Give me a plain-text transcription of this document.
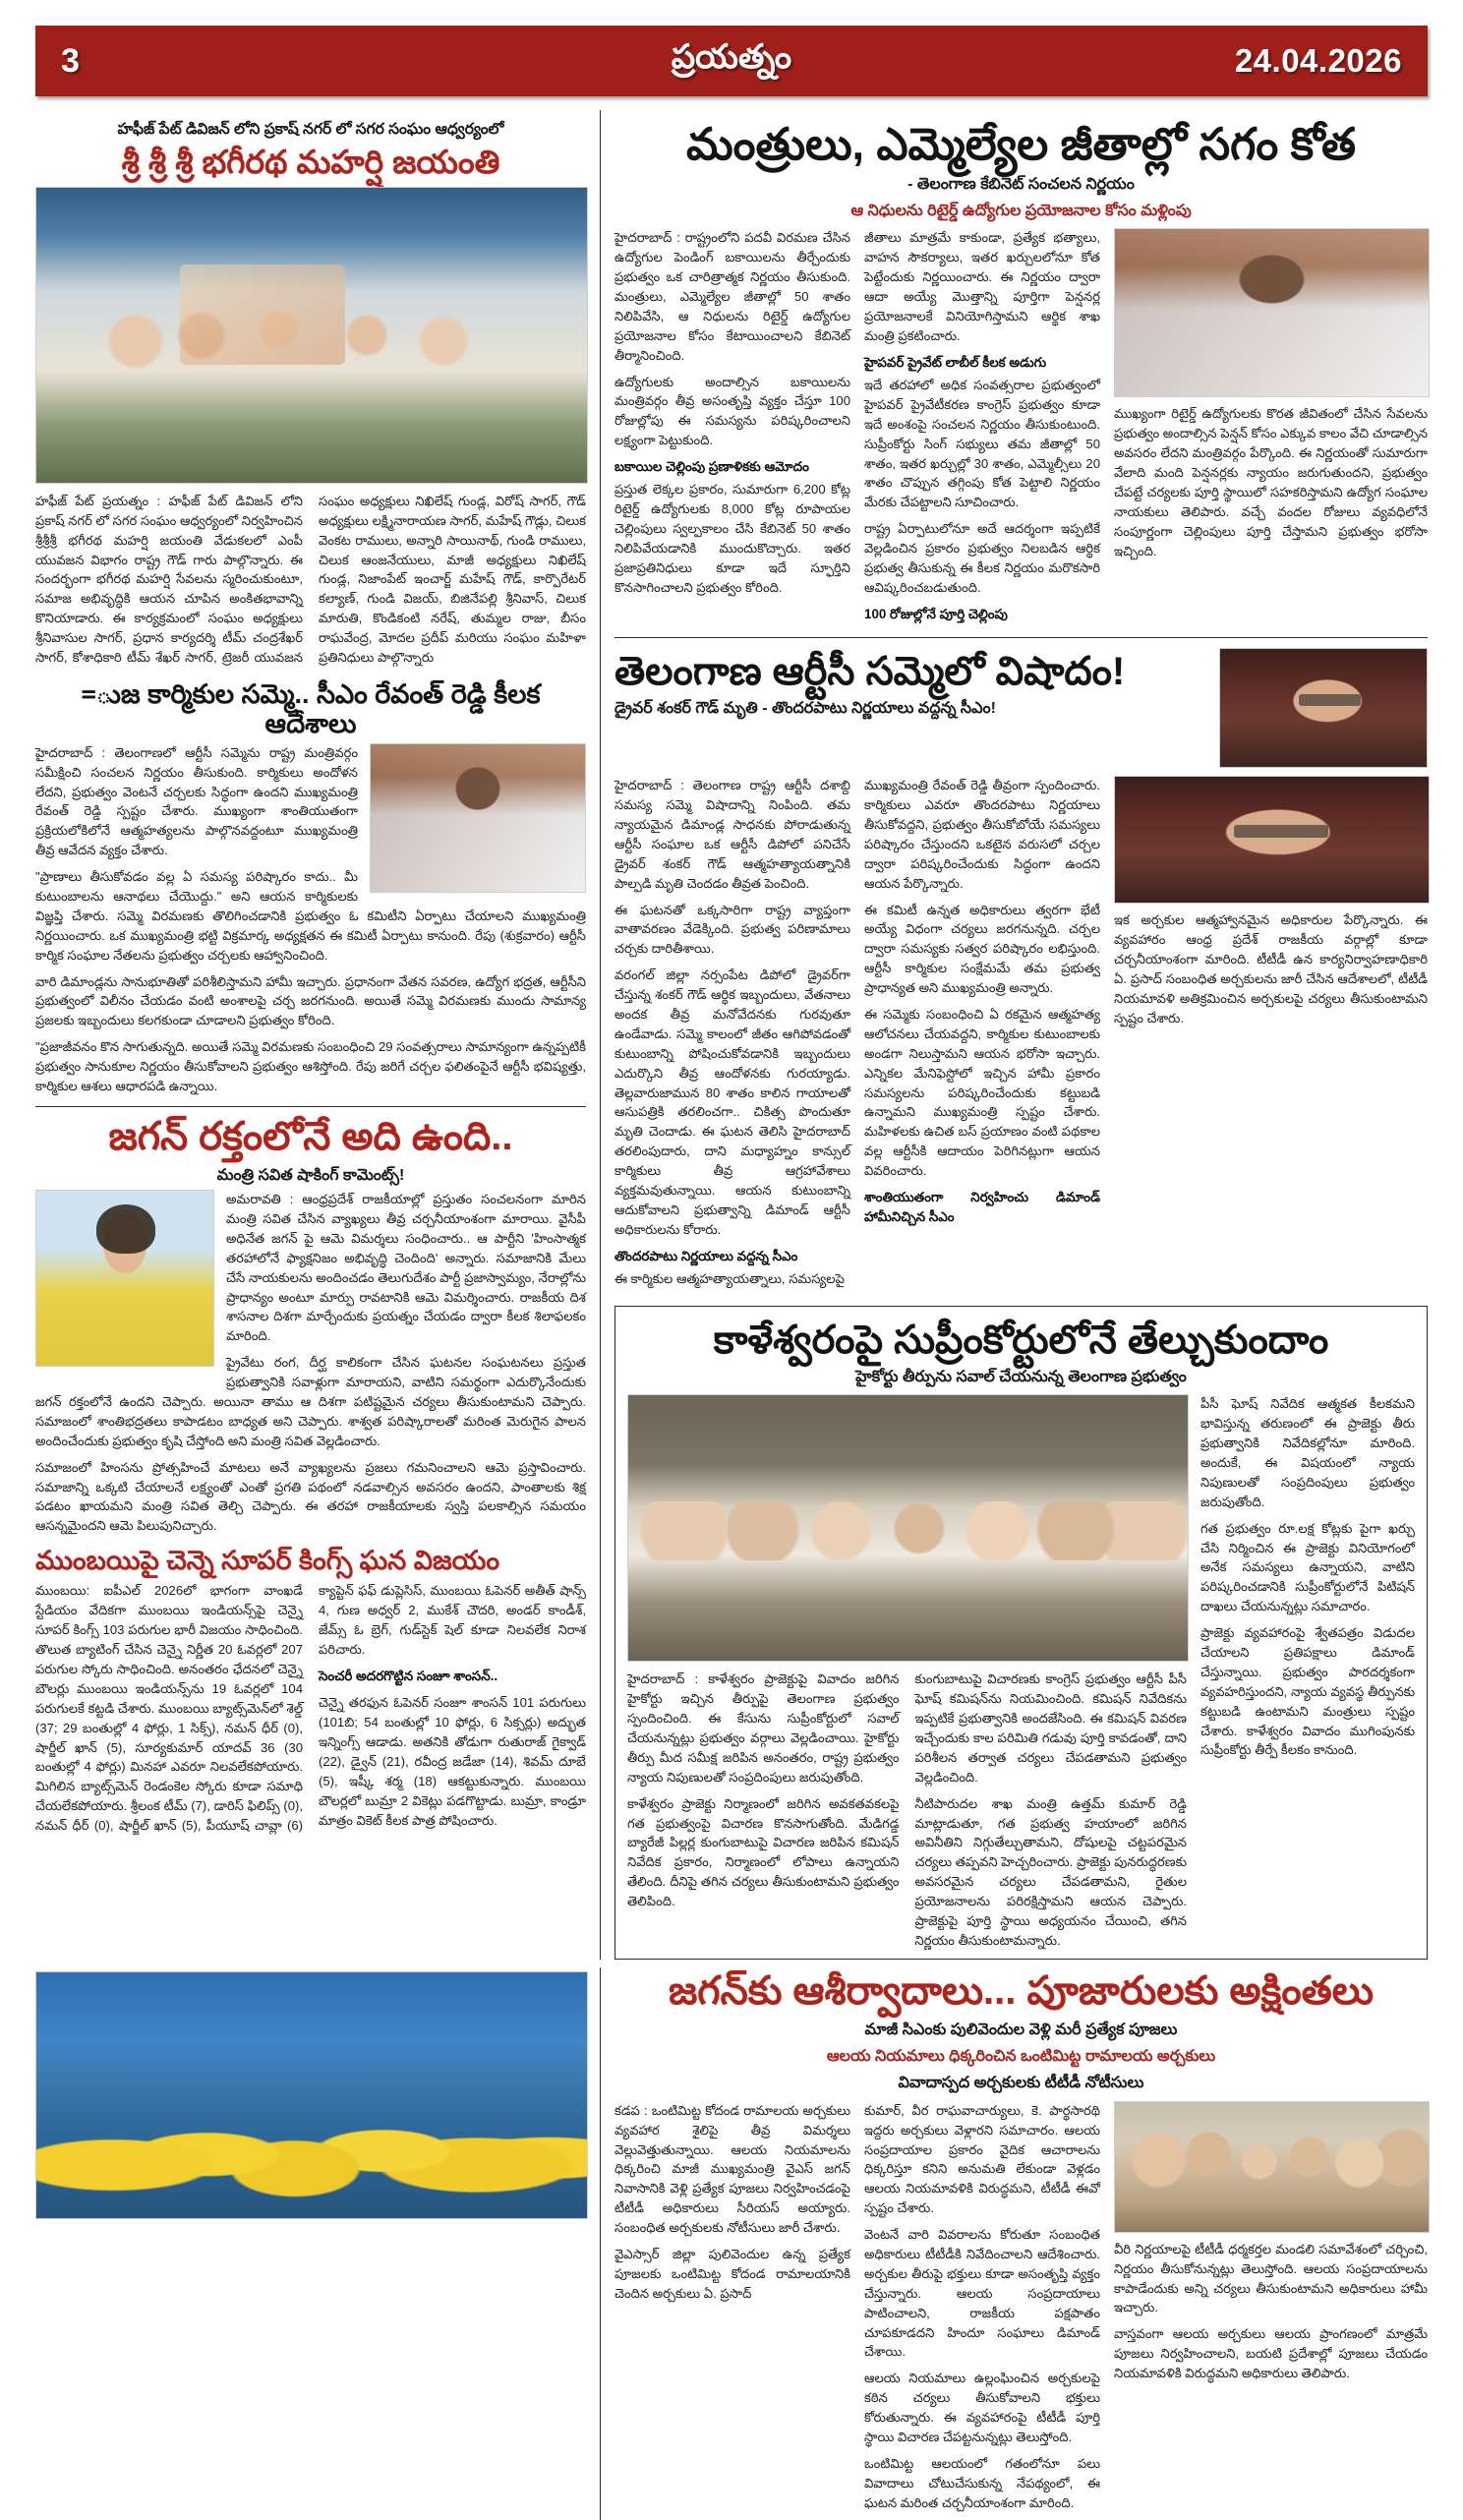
3	ప్రయత్నం	24.04.2026
హఫీజ్ పేట్ డివిజన్ లోని ప్రకాష్ నగర్ లో సగర సంఘం ఆధ్వర్యంలో
శ్రీ శ్రీ శ్రీ భగీరథ మహర్షి జయంతి

హఫీజ్ పేట్ ప్రయత్నం : హఫీజ్ పేట్ డివిజన్ లోని ప్రకాష్ నగర్ లో సగర సంఘం ఆధ్వర్యంలో నిర్వహించిన శ్రీశ్రీశ్రీ భగీరథ మహర్షి జయంతి వేడుకలలో ఎంపీ యువజన విభాగం రాష్ట్ర గౌడ్ గారు పాల్గొన్నారు. ఈ సందర్భంగా భగీరథ మహర్షి సేవలను స్మరించుకుంటూ, సమాజ అభివృద్ధికి ఆయన చూపిన అంకితభావాన్ని కొనియాడారు. ఈ కార్యక్రమంలో సంఘం అధ్యక్షులు శ్రీనివాసుల సాగర్, ప్రధాన కార్యదర్శి టీమ్ చంద్రశేఖర్ సాగర్, కోశాధికారి టీమ్ శేఖర్ సాగర్, ట్రెజరీ యువజన సంఘం అధ్యక్షులు నిఖిలేష్ గుండ్ల, విరోష్ సాగర్, గౌడ్ అధ్యక్షులు లక్ష్మినారాయణ సాగర్, మహేష్ గౌడ్లు, చిలుక వెంకట రాములు, అన్నారి సాయినాథ్, గుండి రాములు, చిలుక ఆంజనేయులు, మాజీ అధ్యక్షులు నిఖిలేష్ గుండ్ల, నిజాంపేట్ ఇంచార్జ్ మహేష్ గౌడ్, కార్పొరేటర్ కల్యాణ్, గుండి విజయ్, బిజినేపల్లి శ్రీనివాస్, చిలుక మారుతి, కొండికంటి నరేష్, తుమ్మల రాజు, బీసం రాఘవేంద్ర, మోదల ప్రదీప్ మరియు సంఘం మహిళా ప్రతినిధులు పాల్గొన్నారు

=ుజ కార్మికుల సమ్మె.. సీఎం రేవంత్ రెడ్డి కీలక ఆదేశాలు

హైదరాబాద్ : తెలంగాణలో ఆర్టీసీ సమ్మెను రాష్ట్ర మంత్రివర్గం సమీక్షించి సంచలన నిర్ణయం తీసుకుంది. కార్మికులు అందోళన లేదని, ప్రభుత్వం వెంటనే చర్చలకు సిద్ధంగా ఉందని ముఖ్యమంత్రి రేవంత్ రెడ్డి స్పష్టం చేశారు. ముఖ్యంగా శాంతియుతంగా ప్రక్రియలోకిలోనే ఆత్మహత్యలను పాల్గొనవద్దంటూ ముఖ్యమంత్రి తీవ్ర ఆవేదన వ్యక్తం చేశారు.

"ప్రాణాలు తీసుకోవడం వల్ల ఏ సమస్య పరిష్కారం కాదు.. మీ కుటుంబాలను ఆనాథలు చేయొద్దు." అని ఆయన కార్మికులకు విజ్ఞప్తి చేశారు. సమ్మె విరమణకు తొలిగించడానికి ప్రభుత్వం ఓ కమిటీని ఏర్పాటు చేయాలని ముఖ్యమంత్రి నిర్ణయించారు. ఒక ముఖ్యమంత్రి భట్టి విక్రమార్క అధ్యక్షతన ఈ కమిటీ ఏర్పాటు కానుంది. రేపు (శుక్రవారం) ఆర్టీసీ కార్మిక సంఘాల నేతలను ప్రభుత్వం చర్చలకు ఆహ్వానించింది.

వారి డిమాండ్లను సానుభూతితో పరిశీలిస్తామని హామీ ఇచ్చారు. ప్రధానంగా వేతన సవరణ, ఉద్యోగ భద్రత, ఆర్టీసీని ప్రభుత్వంలో విలీనం చేయడం వంటి అంశాలపై చర్చ జరగనుంది. అయితే సమ్మె విరమణకు ముందు సామాన్య ప్రజలకు ఇబ్బందులు కలగకుండా చూడాలని ప్రభుత్వం కోరింది.

"ప్రజాజీవనం కొన సాగుతున్నది. అయితే సమ్మె విరమణకు సంబంధించి 29 సంవత్సరాలు సామాన్యంగా ఉన్నప్పటికీ ప్రభుత్వం సానుకూల నిర్ణయం తీసుకోవాలని ప్రభుత్వం ఆశిస్తోంది. రేపు జరిగే చర్చల ఫలితంపైనే ఆర్టీసీ భవిష్యత్తు, కార్మికుల ఆశలు ఆధారపడి ఉన్నాయి.

జగన్ రక్తంలోనే అది ఉంది..
మంత్రి సవిత షాకింగ్ కామెంట్స్!

అమరావతి : ఆంధ్రప్రదేశ్ రాజకీయాల్లో ప్రస్తుతం సంచలనంగా మారిన మంత్రి సవిత చేసిన వ్యాఖ్యలు తీవ్ర చర్చనీయాంశంగా మారాయి. వైసీపీ అధినేత జగన్ పై ఆమె విమర్శలు సంధించారు.. ఆ పార్టీని 'హింసాత్మక తరహాలోనే ఫ్యాక్షనిజం అభివృద్ధి చెందింది' అన్నారు. సమాజానికి మేలు చేసే నాయకులను అందించడం తెలుగుదేశం పార్టీ ప్రజాస్వామ్యం, నేరాల్లోను ప్రాధాన్యం అంటూ మార్పు రావటానికి ఆమె విమర్శించారు. రాజకీయ దిశ శాసనాల దిశగా మార్చేందుకు ప్రయత్నం చేయడం ద్వారా కీలక శిలాఫలకం మారింది.

ప్రైవేటు రంగ, దీర్ఘ కాలికంగా చేసిన ఘటనల సంఘటనలు ప్రస్తుత ప్రభుత్వానికి సవాళ్లుగా మారాయని, వాటిని సమర్థంగా ఎదుర్కొనేందుకు జగన్ రక్తంలోనే ఉందని చెప్పారు. అయినా తాము ఆ దిశగా పటిష్టమైన చర్యలు తీసుకుంటామని చెప్పారు. సమాజంలో శాంతిభద్రతలు కాపాడటం బాధ్యత అని చెప్పారు. శాశ్వత పరిష్కారాలతో మరింత మెరుగైన పాలన అందించేందుకు ప్రభుత్వం కృషి చేస్తోంది అని మంత్రి సవిత వెల్లడించారు.

సమాజంలో హింసను ప్రోత్సహించే మాటలు అనే వ్యాఖ్యలను ప్రజలు గమనించాలని ఆమె ప్రస్తావించారు. సమాజాన్ని ఒక్కటి చేయాలనే లక్ష్యంతో ఎంతో ప్రగతి పథంలో నడవాల్సిన అవసరం ఉందని, పాంతాలకు శిక్ష పడటం ఖాయమని మంత్రి సవిత తెల్చి చెప్పారు. ఈ తరహా రాజకీయాలకు స్వస్తి పలకాల్సిన సమయం ఆసన్నమైందని ఆమె పిలుపునిచ్చారు.

ముంబయిపై చెన్నె సూపర్ కింగ్స్ ఘన విజయం

ముంబయి: ఐపీఎల్ 2026లో భాగంగా వాంఖడే స్టేడియం వేదికగా ముంబయి ఇండియన్స్‌పై చెన్నై సూపర్ కింగ్స్ 103 పరుగుల భారీ విజయం సాధించింది. తొలుత బ్యాటింగ్ చేసిన చెన్నై నిర్ణీత 20 ఓవర్లలో 207 పరుగుల స్కోరు సాధించింది. అనంతరం ఛేదనలో చెన్నై బౌలర్లు ముంబయి ఇండియన్స్‌ను 19 ఓవర్లలో 104 పరుగులకే కట్టడి చేశారు. ముంబయి బ్యాట్స్‌మెన్‌లో శెల్డ్ (37; 29 బంతుల్లో 4 ఫోర్లు, 1 సిక్స్), నమన్ ధీర్ (0), షార్జీల్ ఖాన్ (5), సూర్యకుమార్ యాదవ్ 36 (30 బంతుల్లో 4 ఫోర్లు) మినహా ఎవరూ నిలవలేకపోయారు. మిగిలిన బ్యాట్స్‌మెన్ రెండంకెల స్కోరు కూడా సమాధి చేయలేకపోయారు. శ్రీలంక టీమ్ (7), డారిస్ ఫిలిప్స్ (0), నమన్ ధీర్ (0), షార్జీల్ ఖాన్ (5), పీయూష్ చావ్లా (6) క్యాప్టెన్ ఫఫ్ డుప్లెసిస్, ముంబయి ఓపెనర్ అతీత్ షాన్స్ 4, గుణ అధ్వర్ 2, ముకేశ్ చౌదరి, అండర్ కాండీశ్, జేమ్స్ ఓ బ్రెగ్, గుడ్‌స్టెక్ షెల్ కూడా నిలవలేక నిరాశ పరిచారు.

సెంచరీ అదరగొట్టిన సంజూ శాంసన్..

చెన్నై తరఫున ఓపెనర్ సంజూ శాంసన్ 101 పరుగులు (101బి; 54 బంతుల్లో 10 ఫోర్లు, 6 సిక్సర్లు) అద్భుత ఇన్నింగ్స్ ఆడాడు. అతనికి తోడుగా రుతురాజ్ గైక్వాడ్ (22), డ్వైన్ (21), రవీంద్ర జడేజా (14), శివమ్ దూబే (5), ఇష్కీ శర్మ (18) ఆకట్టుకున్నారు. ముంబయి బౌలర్లలో బుమ్రా 2 వికెట్లు పడగొట్టాడు. బుమ్రా, కాండ్రూ మాత్రం వికెట్ కీలక పాత్ర పోషించారు.

మంత్రులు, ఎమ్మెల్యేల జీతాల్లో సగం కోత
- తెలంగాణ కేబినెట్ సంచలన నిర్ణయం
ఆ నిధులను రిటైర్డ్ ఉద్యోగుల ప్రయోజనాల కోసం మళ్లింపు

హైదరాబాద్ : రాష్ట్రంలోని పదవీ విరమణ చేసిన ఉద్యోగుల పెండింగ్ బకాయిలను తీర్చేందుకు ప్రభుత్వం ఒక చారిత్రాత్మక నిర్ణయం తీసుకుంది. మంత్రులు, ఎమ్మెల్యేల జీతాల్లో 50 శాతం నిలిపివేసి, ఆ నిధులను రిటైర్డ్ ఉద్యోగుల ప్రయోజనాల కోసం కేటాయించాలని కేబినెట్ తీర్మానించింది.

ఉద్యోగులకు అందాల్సిన బకాయిలను మంత్రివర్గం తీవ్ర అసంతృప్తి వ్యక్తం చేస్తూ 100 రోజుల్లోపు ఈ సమస్యను పరిష్కరించాలని లక్ష్యంగా పెట్టుకుంది.

బకాయిల చెల్లింపు ప్రణాళికకు ఆమోదం

ప్రస్తుత లెక్కల ప్రకారం, సుమారుగా 6,200 కోట్ల రిటైర్డ్ ఉద్యోగులకు 8,000 కోట్ల రూపాయల చెల్లింపులు స్వల్పకాలం చేసి కేబినెట్ 50 శాతం నిలిపివేయడానికి ముందుకొచ్చారు. ఇతర ప్రజాప్రతినిధులు కూడా ఇదే స్ఫూర్తిని కొనసాగించాలని ప్రభుత్వం కోరింది.

జీతాలు మాత్రమే కాకుండా, ప్రత్యేక భత్యాలు, వాహన సౌకర్యాలు, ఇతర ఖర్చులలోనూ కోత పెట్టేందుకు నిర్ణయించారు. ఈ నిర్ణయం ద్వారా ఆదా అయ్యే మొత్తాన్ని పూర్తిగా పెన్షనర్ల ప్రయోజనాలకే వినియోగిస్తామని ఆర్థిక శాఖ మంత్రి ప్రకటించారు.

హైపవర్ ప్రైవేట్ లాబీల్ కీలక అడుగు

ఇదే తరహాలో అధిక సంవత్సరాల ప్రభుత్వంలో హైపవర్ ప్రైవేటీకరణ కాంగ్రెస్ ప్రభుత్వం కూడా ఇదే అంశంపై సంచలన నిర్ణయం తీసుకుంటుంది. సుప్రీంకోర్టు సింగ్ సభ్యులు తమ జీతాల్లో 50 శాతం, ఇతర ఖర్చుల్లో 30 శాతం, ఎమ్మెల్సీలు 20 శాతం చొప్పున తగ్గింపు కోత పెట్టాలి నిర్ణయం మేరకు చేపట్టాలని సూచించారు.

రాష్ట్ర ఏర్పాటులోనూ అదే ఆదర్శంగా ఇప్పటికే వెల్లడించిన ప్రకారం ప్రభుత్వం నిలబడిన ఆర్థిక ప్రభుత్వ తీసుకున్న ఈ కీలక నిర్ణయం మరొకసారి ఆవిష్కరించబడుతుంది.

100 రోజుల్లోనే పూర్తి చెల్లింపు

ముఖ్యంగా రిటైర్డ్ ఉద్యోగులకు కొరత జీవితంలో చేసిన సేవలను ప్రభుత్వం అందాల్సిన పెన్షన్ కోసం ఎక్కువ కాలం వేచి చూడాల్సిన అవసరం లేదని మంత్రివర్గం పేర్కొంది. ఈ నిర్ణయంతో సుమారుగా వేలాది మంది పెన్షనర్లకు న్యాయం జరుగుతుందని, ప్రభుత్వం చేపట్టే చర్యలకు పూర్తి స్థాయిలో సహకరిస్తామని ఉద్యోగ సంఘాల నాయకులు తెలిపారు. వచ్చే వందల రోజులు వ్యవధిలోనే సంపూర్ణంగా చెల్లింపులు పూర్తి చేస్తామని ప్రభుత్వం భరోసా ఇచ్చింది.

తెలంగాణ ఆర్టీసీ సమ్మెలో విషాదం!
డ్రైవర్ శంకర్ గౌడ్ మృతి - తొందరపాటు నిర్ణయాలు వద్దన్న సీఎం!

హైదరాబాద్ : తెలంగాణ రాష్ట్ర ఆర్టీసీ దశాబ్ది సమస్య సమ్మె విషాదాన్ని నింపింది. తమ న్యాయమైన డిమాండ్ల సాధనకు పోరాడుతున్న ఆర్టీసీ సంఘాల ఒక ఆర్టీసీ డిపోలో పనిచేసే డ్రైవర్ శంకర్ గౌడ్ ఆత్మహత్యాయత్నానికి పాల్పడి మృతి చెందడం తీవ్రత పెంచింది.

ఈ ఘటనతో ఒక్కసారిగా రాష్ట్ర వ్యాప్తంగా వాతావరణం వేడెక్కింది. ప్రభుత్వ పరిణామాలు చర్చకు దారితీశాయి.

వరంగల్ జిల్లా నర్సంపేట డిపోలో డ్రైవర్‌గా చేస్తున్న శంకర్ గౌడ్ ఆర్థిక ఇబ్బందులు, వేతనాలు అందక తీవ్ర మనోవేదనకు గురవుతూ ఉండేవాడు. సమ్మె కాలంలో జీతం ఆగిపోవడంతో కుటుంబాన్ని పోషించుకోవడానికి ఇబ్బందులు ఎదుర్కొని తీవ్ర ఆందోళనకు గురయ్యాడు. తెల్లవారుజామున 80 శాతం కాలిన గాయాలతో ఆసుపత్రికి తరలించగా.. చికిత్స పొందుతూ మృతి చెందాడు. ఈ ఘటన తెలిసి హైదరాబాద్ తరలింపుదారు, దాని మధ్యాహ్నం కాన్సుల్ కార్మికులు తీవ్ర ఆగ్రహావేశాలు వ్యక్తమవుతున్నాయి. ఆయన కుటుంబాన్ని ఆదుకోవాలని ప్రభుత్వాన్ని డిమాండ్ ఆర్టీసీ అధికారులను కోరారు.

తొందరపాటు నిర్ణయాలు వద్దన్న సీఎం

ఈ కార్మికుల ఆత్మహత్యాయత్నాలు, సమస్యలపై

ముఖ్యమంత్రి రేవంత్ రెడ్డి తీవ్రంగా స్పందించారు. కార్మికులు ఎవరూ తొందరపాటు నిర్ణయాలు తీసుకోవద్దని, ప్రభుత్వం తీసుకోబోయే సమస్యలు పరిష్కారం చేస్తుందని ఒకటైన వరుసలో చర్చల ద్వారా పరిష్కరించేందుకు సిద్ధంగా ఉందని ఆయన పేర్కొన్నారు.

ఈ కమిటీ ఉన్నత అధికారులు త్వరగా భేటీ అయ్యే విధంగా చర్యలు జరగనున్నది. చర్చల ద్వారా సమస్యకు సత్వర పరిష్కారం లభిస్తుంది. ఆర్టీసీ కార్మికుల సంక్షేమమే తమ ప్రభుత్వ ప్రాధాన్యత అని ముఖ్యమంత్రి అన్నారు.

ఈ సమ్మెకు సంబంధించి ఏ రకమైన ఆత్మహత్య ఆలోచనలు చేయవద్దని, కార్మికుల కుటుంబాలకు అండగా నిలుస్తామని ఆయన భరోసా ఇచ్చారు. ఎన్నికల మేనిఫెస్టోలో ఇచ్చిన హామీ ప్రకారం సమస్యలను పరిష్కరించేందుకు కట్టుబడి ఉన్నామని ముఖ్యమంత్రి స్పష్టం చేశారు. మహిళలకు ఉచిత బస్ ప్రయాణం వంటి పథకాల వల్ల ఆర్టీసీకి ఆదాయం పెరిగినట్లుగా ఆయన వివరించారు.

శాంతియుతంగా నిర్వహించు డిమాండ్ హామీనిచ్చిన సీఎం

ఇక అర్చకుల ఆత్మహ్వానమైన అధికారుల పేర్కొన్నారు. ఈ వ్యవహారం ఆంధ్ర ప్రదేశ్ రాజకీయ వర్గాల్లో కూడా చర్చనీయాంశంగా మారింది. టీటీడీ ఉన కార్యనిర్వాహణాధికారి ఏ. ప్రసాద్ సంబంధిత అర్చకులను జారీ చేసిన ఆదేశాలలో, టీటీడీ నియమావళి అతిక్రమించిన అర్చకులపై చర్యలు తీసుకుంటామని స్పష్టం చేశారు.

కాళేశ్వరంపై సుప్రీంకోర్టులోనే తేల్చుకుందాం
హైకోర్టు తీర్పును సవాల్ చేయనున్న తెలంగాణ ప్రభుత్వం

హైదరాబాద్ : కాళేశ్వరం ప్రాజెక్టుపై వివాదం జరిగిన హైకోర్టు ఇచ్చిన తీర్పుపై తెలంగాణ ప్రభుత్వం స్పందించింది. ఈ కేసును సుప్రీంకోర్టులో సవాల్ చేయనున్నట్లు ప్రభుత్వం వర్గాలు వెల్లడించాయి. హైకోర్టు తీర్పు మీద సమీక్ష జరిపిన అనంతరం, రాష్ట్ర ప్రభుత్వం న్యాయ నిపుణులతో సంప్రదింపులు జరుపుతోంది.

కాళేశ్వరం ప్రాజెక్టు నిర్మాణంలో జరిగిన అవకతవకలపై గత ప్రభుత్వంపై విచారణ కొనసాగుతోంది. మేడిగడ్డ బ్యారేజీ పిల్లర్ల కుంగుబాటుపై విచారణ జరిపిన కమిషన్ నివేదిక ప్రకారం, నిర్మాణంలో లోపాలు ఉన్నాయని తేలింది. దీనిపై తగిన చర్యలు తీసుకుంటామని ప్రభుత్వం తెలిపింది.

కుంగుబాటుపై విచారణకు కాంగ్రెస్ ప్రభుత్వం ఆర్టీసీ పీసీ ఘోష్ కమిషన్‌ను నియమించింది. కమిషన్ నివేదికను ఇప్పటికే ప్రభుత్వానికి అందజేసింది. ఈ కమిషన్ వివరణ ఇచ్చేందుకు కాల పరిమితి గడువు పూర్తి కావడంతో, దాని పరిశీలన తర్వాత చర్యలు చేపడతామని ప్రభుత్వం వెల్లడించింది.

నీటిపారుదల శాఖ మంత్రి ఉత్తమ్ కుమార్ రెడ్డి మాట్లాడుతూ, గత ప్రభుత్వ హయాంలో జరిగిన అవినీతిని నిగ్గుతేల్చుతామని, దోషులపై చట్టపరమైన చర్యలు తప్పవని హెచ్చరించారు. ప్రాజెక్టు పునరుద్ధరణకు అవసరమైన చర్యలు చేపడతామని, రైతుల ప్రయోజనాలను పరిరక్షిస్తామని ఆయన చెప్పారు. ప్రాజెక్టుపై పూర్తి స్థాయి అధ్యయనం చేయించి, తగిన నిర్ణయం తీసుకుంటామన్నారు.

పీసీ ఘోష్ నివేదిక ఆత్మకత కీలకమని భావిస్తున్న తరుణంలో ఈ ప్రాజెక్టు తీరు ప్రభుత్వానికి నివేదికల్లోనూ మారింది. అందుకే, ఈ విషయంలో న్యాయ నిపుణులతో సంప్రదింపులు ప్రభుత్వం జరుపుతోంది.

గత ప్రభుత్వం రూ.లక్ష కోట్లకు పైగా ఖర్చు చేసి నిర్మించిన ఈ ప్రాజెక్టు వినియోగంలో అనేక సమస్యలు ఉన్నాయని, వాటిని పరిష్కరించడానికి సుప్రీంకోర్టులోనే పిటిషన్ దాఖలు చేయనున్నట్లు సమాచారం.

ప్రాజెక్టు వ్యవహారంపై శ్వేతపత్రం విడుదల చేయాలని ప్రతిపక్షాలు డిమాండ్ చేస్తున్నాయి. ప్రభుత్వం పారదర్శకంగా వ్యవహరిస్తుందని, న్యాయ వ్యవస్థ తీర్పునకు కట్టుబడి ఉంటామని మంత్రులు స్పష్టం చేశారు. కాళేశ్వరం వివాదం ముగింపునకు సుప్రీంకోర్టు తీర్పే కీలకం కానుంది.

జగన్‌కు ఆశీర్వాదాలు... పూజారులకు అక్షింతలు
మాజీ సిఎంకు పులివెందుల వెళ్లి మరీ ప్రత్యేక పూజలు
ఆలయ నియమాలు ధిక్కరించిన ఒంటిమిట్ట రామాలయ అర్చకులు
వివాదాస్పద అర్చకులకు టీటీడీ నోటీసులు

కడప : ఒంటిమిట్ట కోదండ రామాలయ అర్చకులు వ్యవహార శైలిపై తీవ్ర విమర్శలు వెల్లువెత్తుతున్నాయి. ఆలయ నియమాలను ధిక్కరించి మాజీ ముఖ్యమంత్రి వైఎస్ జగన్ నివాసానికి వెళ్లి ప్రత్యేక పూజలు నిర్వహించడంపై టీటీడీ అధికారులు సీరియస్ అయ్యారు. సంబంధిత అర్చకులకు నోటీసులు జారీ చేశారు.

వైఎస్సార్ జిల్లా పులివెందుల ఉన్న ప్రత్యేక పూజలకు ఒంటిమిట్ట కోదండ రామాలయానికి చెందిన అర్చకులు ఏ. ప్రసాద్

కుమార్, వీర రాఘవాచార్యులు, కె. పార్థసారథి ఇద్దరు అర్చకులు వెళ్లారని సమాచారం. ఆలయ సంప్రదాయాల ప్రకారం వైదిక ఆచారాలను ధిక్కరిస్తూ కనిని అనుమతి లేకుండా వెళ్లడం ఆలయ నియమావళికి విరుద్ధమని, టీటీడీ ఈవో స్పష్టం చేశారు.

వెంటనే వారి వివరాలను కోరుతూ సంబంధిత అధికారులు టీటీడీకి నివేదించాలని ఆదేశించారు. అర్చకుల తీరుపై భక్తులు కూడా అసంతృప్తి వ్యక్తం చేస్తున్నారు. ఆలయ సంప్రదాయాలు పాటించాలని, రాజకీయ పక్షపాతం చూపకూడదని హిందూ సంఘాలు డిమాండ్ చేశాయి.

ఆలయ నియమాలు ఉల్లంఘించిన అర్చకులపై కఠిన చర్యలు తీసుకోవాలని భక్తులు కోరుతున్నారు. ఈ వ్యవహారంపై టీటీడీ పూర్తి స్థాయి విచారణ చేపట్టనున్నట్లు తెలుస్తోంది.

ఒంటిమిట్ట ఆలయంలో గతంలోనూ పలు వివాదాలు చోటుచేసుకున్న నేపథ్యంలో, ఈ ఘటన మరింత చర్చనీయాంశంగా మారింది.

వీరి నిర్ణయాలపై టీటీడీ ధర్మకర్తల మండలి సమావేశంలో చర్చించి, నిర్ణయం తీసుకోనున్నట్లు తెలుస్తోంది. ఆలయ సంప్రదాయాలను కాపాడేందుకు అన్ని చర్యలు తీసుకుంటామని అధికారులు హామీ ఇచ్చారు.

వాస్తవంగా ఆలయ అర్చకులు ఆలయ ప్రాంగణంలో మాత్రమే పూజలు నిర్వహించాలని, బయటి ప్రదేశాల్లో పూజలు చేయడం నియమావళికి విరుద్ధమని అధికారులు తెలిపారు.
